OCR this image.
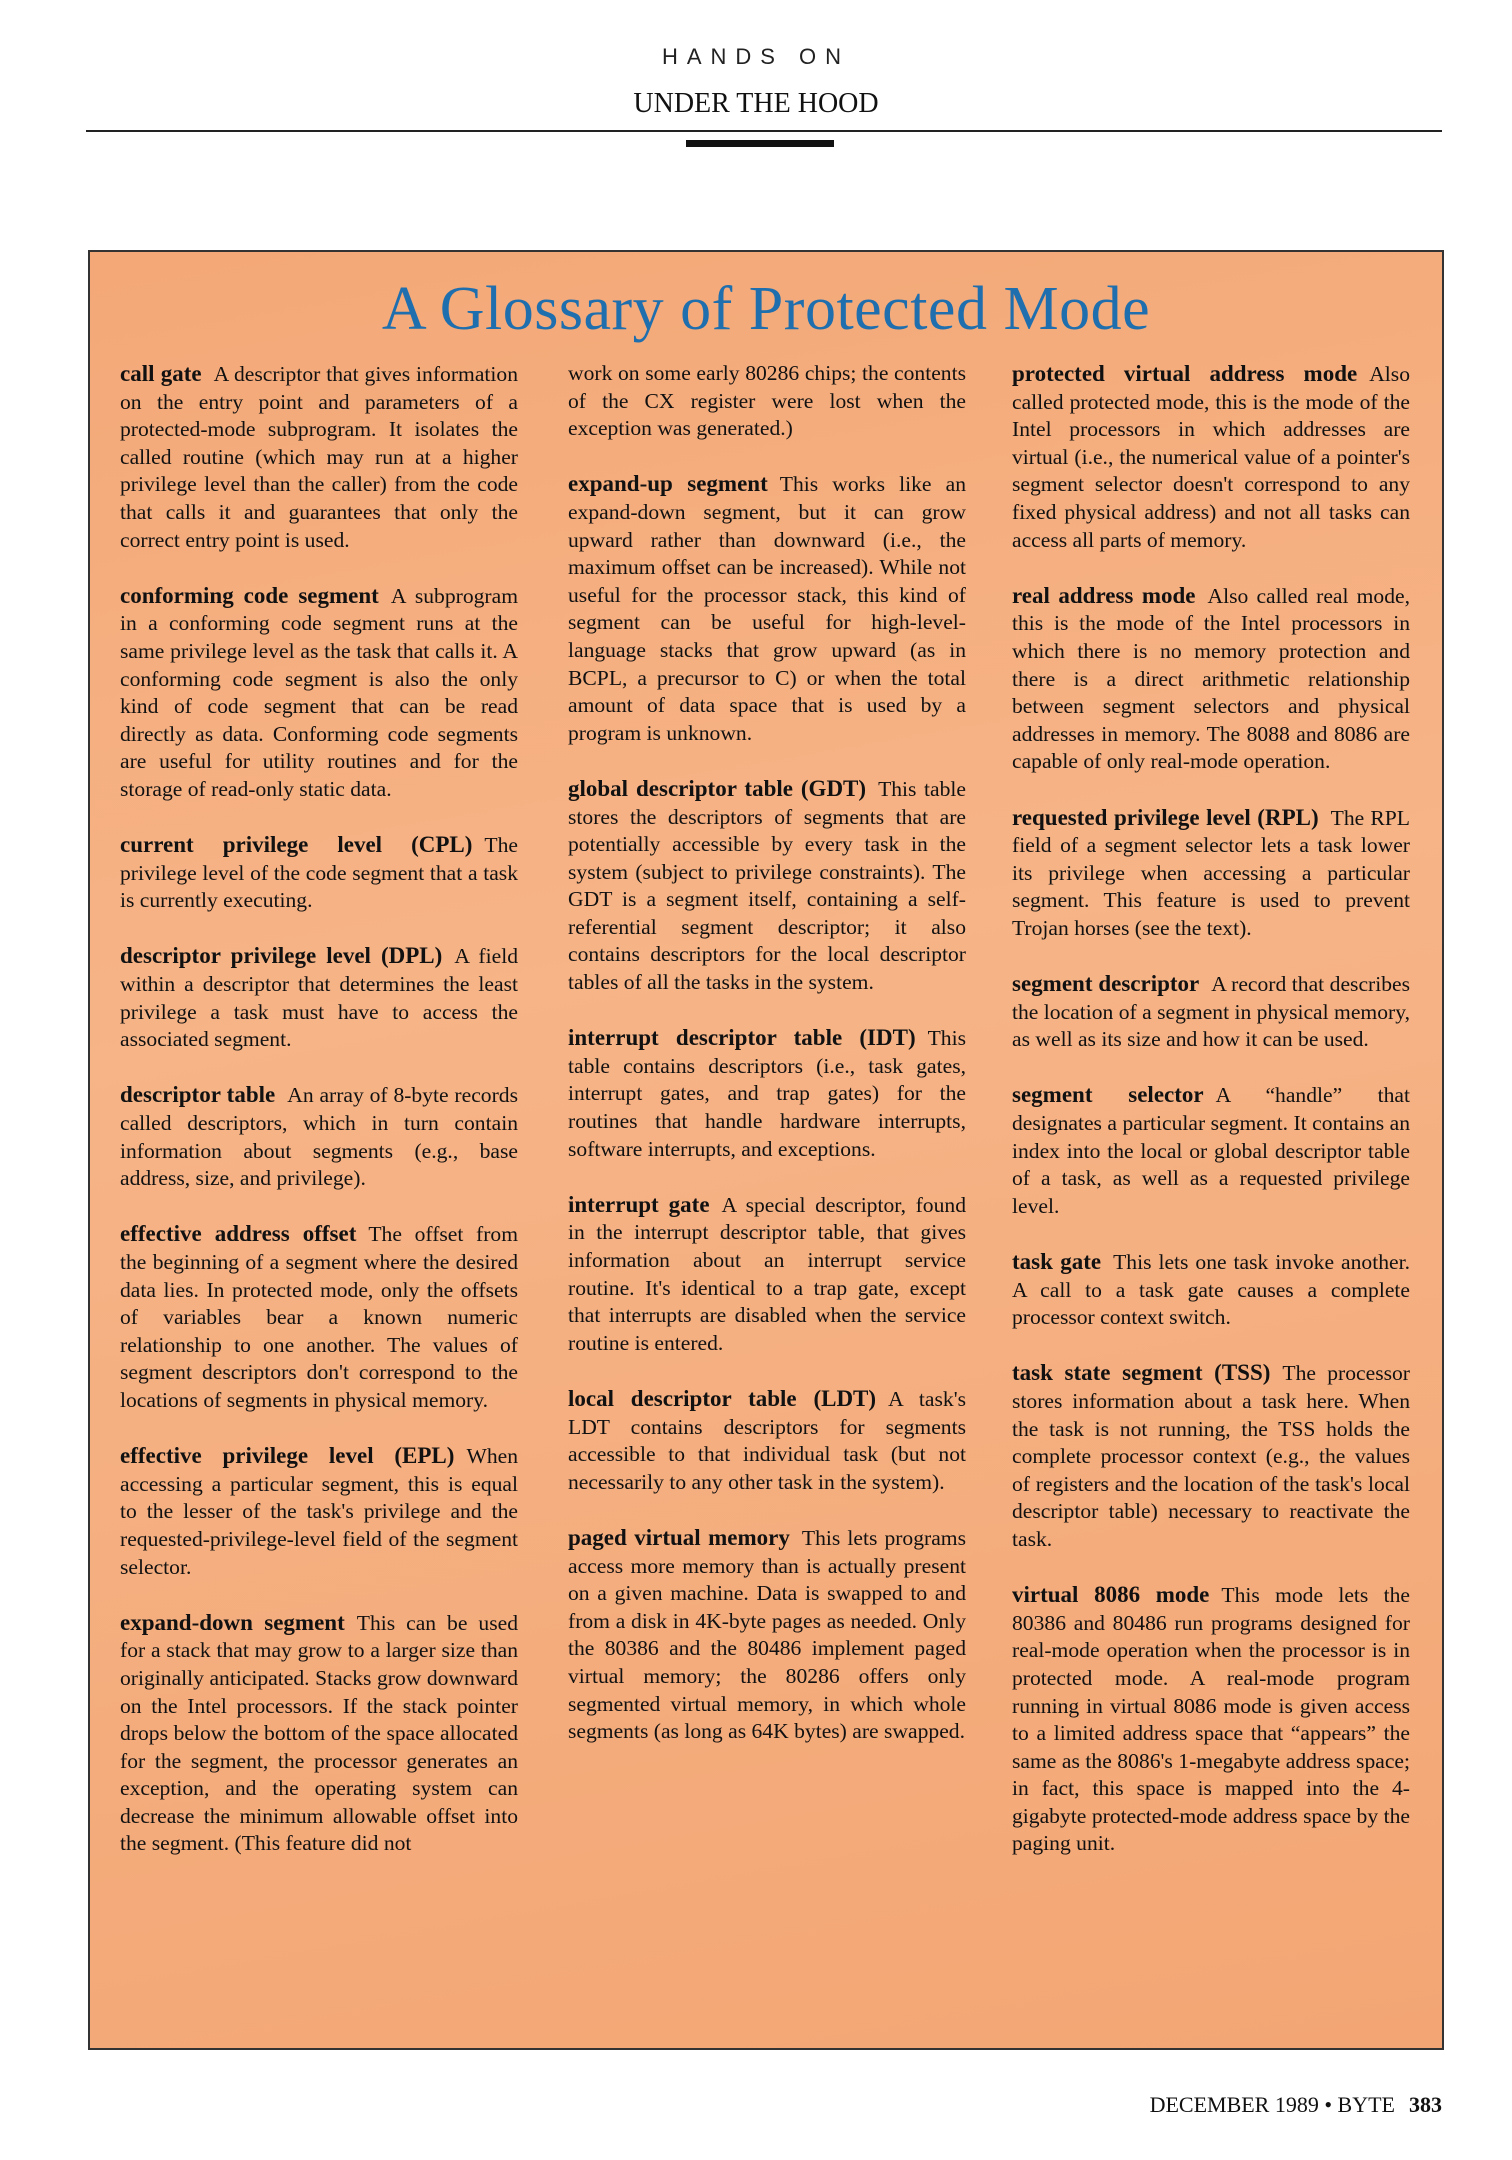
HANDS ON
UNDER THE HOOD
A Glossary of Protected Mode

call gate A descriptor that gives information on the entry point and parameters of a protected-mode subprogram. It isolates the called routine (which may run at a higher privilege level than the caller) from the code that calls it and guarantees that only the correct entry point is used.

conforming code segment A subprogram in a conforming code segment runs at the same privilege level as the task that calls it. A conforming code segment is also the only kind of code segment that can be read directly as data. Conforming code segments are useful for utility routines and for the storage of read-only static data.

current privilege level (CPL) The privilege level of the code segment that a task is currently executing.

descriptor privilege level (DPL) A field within a descriptor that determines the least privilege a task must have to access the associated segment.

descriptor table An array of 8-byte records called descriptors, which in turn contain information about segments (e.g., base address, size, and privilege).

effective address offset The offset from the beginning of a segment where the desired data lies. In protected mode, only the offsets of variables bear a known numeric relationship to one another. The values of segment descriptors don't correspond to the locations of segments in physical memory.

effective privilege level (EPL) When accessing a particular segment, this is equal to the lesser of the task's privilege and the requested-privilege-level field of the segment selector.

expand-down segment This can be used for a stack that may grow to a larger size than originally anticipated. Stacks grow downward on the Intel processors. If the stack pointer drops below the bottom of the space allocated for the segment, the processor generates an exception, and the operating system can decrease the minimum allowable offset into the segment. (This feature did not

work on some early 80286 chips; the contents of the CX register were lost when the exception was generated.)

expand-up segment This works like an expand-down segment, but it can grow upward rather than downward (i.e., the maximum offset can be increased). While not useful for the processor stack, this kind of segment can be useful for high-level-language stacks that grow upward (as in BCPL, a precursor to C) or when the total amount of data space that is used by a program is unknown.

global descriptor table (GDT) This table stores the descriptors of segments that are potentially accessible by every task in the system (subject to privilege constraints). The GDT is a segment itself, containing a self-referential segment descriptor; it also contains descriptors for the local descriptor tables of all the tasks in the system.

interrupt descriptor table (IDT) This table contains descriptors (i.e., task gates, interrupt gates, and trap gates) for the routines that handle hardware interrupts, software interrupts, and exceptions.

interrupt gate A special descriptor, found in the interrupt descriptor table, that gives information about an interrupt service routine. It's identical to a trap gate, except that interrupts are disabled when the service routine is entered.

local descriptor table (LDT) A task's LDT contains descriptors for segments accessible to that individual task (but not necessarily to any other task in the system).

paged virtual memory This lets programs access more memory than is actually present on a given machine. Data is swapped to and from a disk in 4K-byte pages as needed. Only the 80386 and the 80486 implement paged virtual memory; the 80286 offers only segmented virtual memory, in which whole segments (as long as 64K bytes) are swapped.

protected virtual address mode Also called protected mode, this is the mode of the Intel processors in which addresses are virtual (i.e., the numerical value of a pointer's segment selector doesn't correspond to any fixed physical address) and not all tasks can access all parts of memory.

real address mode Also called real mode, this is the mode of the Intel processors in which there is no memory protection and there is a direct arithmetic relationship between segment selectors and physical addresses in memory. The 8088 and 8086 are capable of only real-mode operation.

requested privilege level (RPL) The RPL field of a segment selector lets a task lower its privilege when accessing a particular segment. This feature is used to prevent Trojan horses (see the text).

segment descriptor A record that describes the location of a segment in physical memory, as well as its size and how it can be used.

segment selector A “handle” that designates a particular segment. It contains an index into the local or global descriptor table of a task, as well as a requested privilege level.

task gate This lets one task invoke another. A call to a task gate causes a complete processor context switch.

task state segment (TSS) The processor stores information about a task here. When the task is not running, the TSS holds the complete processor context (e.g., the values of registers and the location of the task's local descriptor table) necessary to reactivate the task.

virtual 8086 mode This mode lets the 80386 and 80486 run programs designed for real-mode operation when the processor is in protected mode. A real-mode program running in virtual 8086 mode is given access to a limited address space that “appears” the same as the 8086's 1-megabyte address space; in fact, this space is mapped into the 4-gigabyte protected-mode address space by the paging unit.

DECEMBER 1989 • BYTE 383
